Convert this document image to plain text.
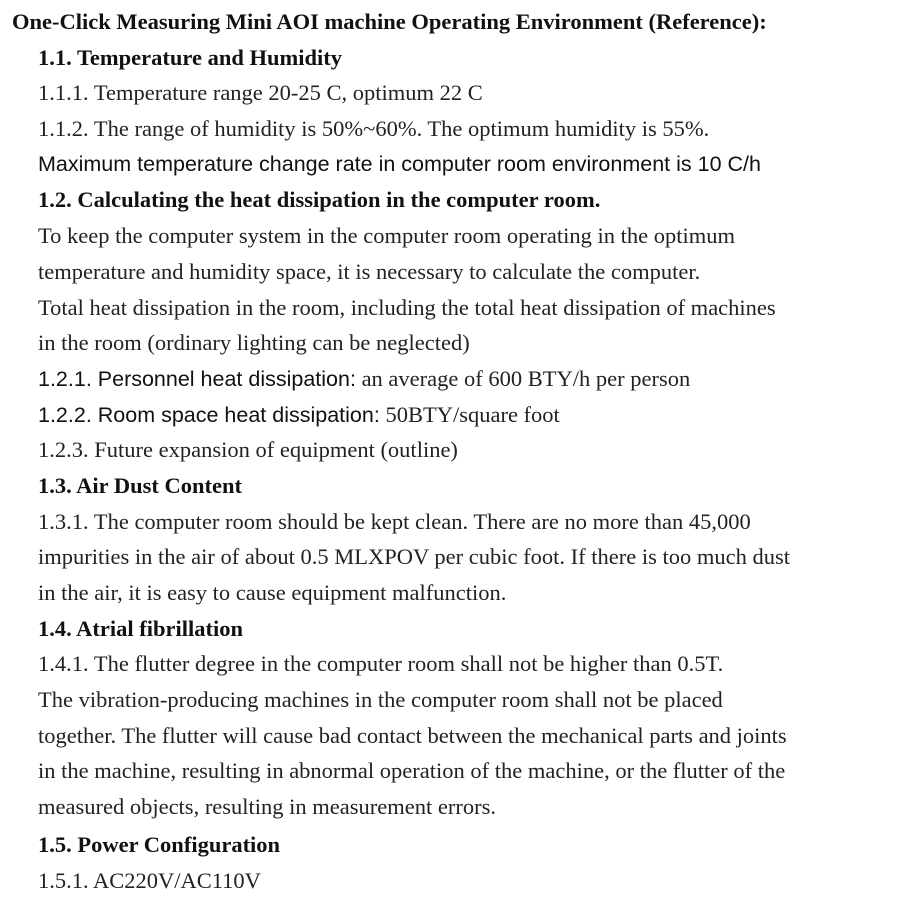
One-Click Measuring Mini AOI machine Operating Environment (Reference):
1.1. Temperature and Humidity
1.1.1. Temperature range 20-25 C, optimum 22 C
1.1.2. The range of humidity is 50%~60%. The optimum humidity is 55%.
Maximum temperature change rate in computer room environment is 10 C/h
1.2. Calculating the heat dissipation in the computer room.
To keep the computer system in the computer room operating in the optimum
temperature and humidity space, it is necessary to calculate the computer.
Total heat dissipation in the room, including the total heat dissipation of machines
in the room (ordinary lighting can be neglected)
1.2.1. Personnel heat dissipation: an average of 600 BTY/h per person
1.2.2. Room space heat dissipation: 50BTY/square foot
1.2.3. Future expansion of equipment (outline)
1.3. Air Dust Content
1.3.1. The computer room should be kept clean. There are no more than 45,000
impurities in the air of about 0.5 MLXPOV per cubic foot. If there is too much dust
in the air, it is easy to cause equipment malfunction.
1.4. Atrial fibrillation
1.4.1. The flutter degree in the computer room shall not be higher than 0.5T.
The vibration-producing machines in the computer room shall not be placed
together. The flutter will cause bad contact between the mechanical parts and joints
in the machine, resulting in abnormal operation of the machine, or the flutter of the
measured objects, resulting in measurement errors.
1.5. Power Configuration
1.5.1. AC220V/AC110V
